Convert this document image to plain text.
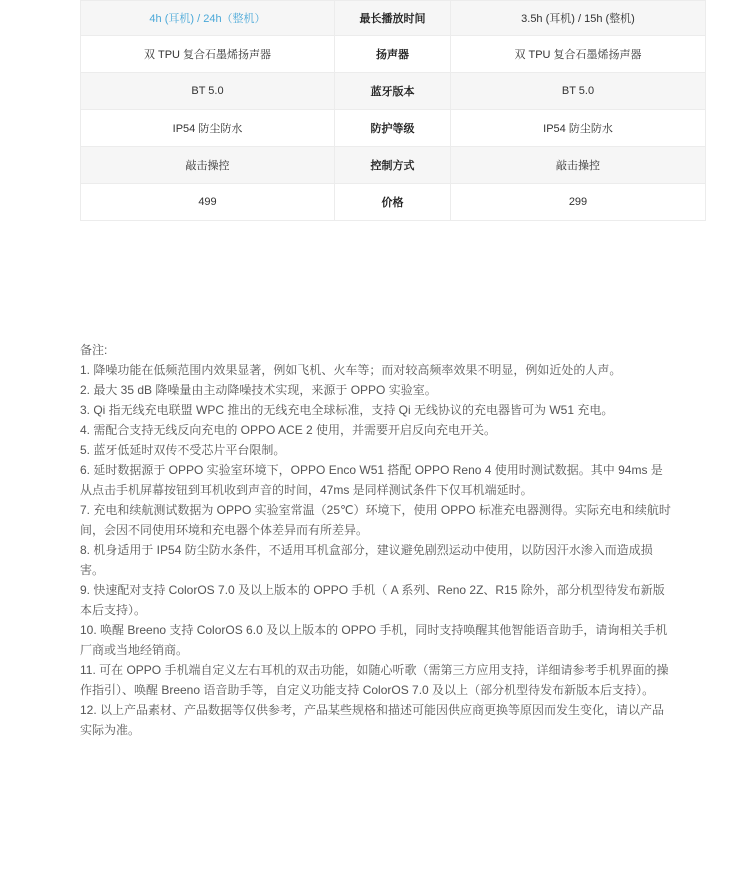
4h (耳机) / 24h（整机）	最长播放时间	3.5h (耳机) / 15h (整机)
双 TPU 复合石墨烯扬声器	扬声器	双 TPU 复合石墨烯扬声器
BT 5.0	蓝牙版本	BT 5.0
IP54 防尘防水	防护等级	IP54 防尘防水
敲击操控	控制方式	敲击操控
499	价格	299

备注:

1. 降噪功能在低频范围内效果显著，例如飞机、火车等；而对较高频率效果不明显，例如近处的人声。

2. 最大 35 dB 降噪量由主动降噪技术实现，来源于 OPPO 实验室。

3. Qi 指无线充电联盟 WPC 推出的无线充电全球标准，支持 Qi 无线协议的充电器皆可为 W51 充电。

4. 需配合支持无线反向充电的 OPPO ACE 2 使用，并需要开启反向充电开关。

5. 蓝牙低延时双传不受芯片平台限制。

6. 延时数据源于 OPPO 实验室环境下，OPPO Enco W51 搭配 OPPO Reno 4 使用时测试数据。其中 94ms 是从点击手机屏幕按钮到耳机收到声音的时间，47ms 是同样测试条件下仅耳机端延时。

7. 充电和续航测试数据为 OPPO 实验室常温（25℃）环境下，使用 OPPO 标准充电器测得。实际充电和续航时间，会因不同使用环境和充电器个体差异而有所差异。

8. 机身适用于 IP54 防尘防水条件，不适用耳机盒部分，建议避免剧烈运动中使用，以防因汗水渗入而造成损害。

9. 快速配对支持 ColorOS 7.0 及以上版本的 OPPO 手机（ A 系列、Reno 2Z、R15 除外，部分机型待发布新版本后支持）。

10. 唤醒 Breeno 支持 ColorOS 6.0 及以上版本的 OPPO 手机，同时支持唤醒其他智能语音助手，请询相关手机厂商或当地经销商。

11. 可在 OPPO 手机端自定义左右耳机的双击功能，如随心听歌（需第三方应用支持，详细请参考手机界面的操作指引）、唤醒 Breeno 语音助手等，自定义功能支持 ColorOS 7.0 及以上（部分机型待发布新版本后支持）。

12. 以上产品素材、产品数据等仅供参考，产品某些规格和描述可能因供应商更换等原因而发生变化，请以产品实际为准。
